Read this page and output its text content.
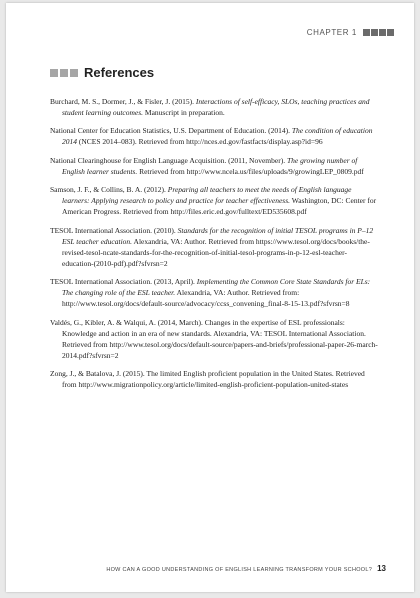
CHAPTER 1
References

Burchard, M. S., Dormer, J., & Fisler, J. (2015). Interactions of self-efficacy, SLOs, teaching practices and student learning outcomes. Manuscript in preparation.

National Center for Education Statistics, U.S. Department of Education. (2014). The condition of education 2014 (NCES 2014–083). Retrieved from http://nces.ed.gov/fastfacts/display.asp?id=96

National Clearinghouse for English Language Acquisition. (2011, November). The growing number of English learner students. Retrieved from http://www.ncela.us/files/uploads/9/growingLEP_0809.pdf

Samson, J. F., & Collins, B. A. (2012). Preparing all teachers to meet the needs of English language learners: Applying research to policy and practice for teacher effectiveness. Washington, DC: Center for American Progress. Retrieved from http://files.eric.ed.gov/fulltext/ED535608.pdf

TESOL International Association. (2010). Standards for the recognition of initial TESOL programs in P–12 ESL teacher education. Alexandria, VA: Author. Retrieved from https://www.tesol.org/docs/books/the-revised-tesol-ncate-standards-for-the-recognition-of-initial-tesol-programs-in-p-12-esl-teacher-education-(2010-pdf).pdf?sfvrsn=2

TESOL International Association. (2013, April). Implementing the Common Core State Standards for ELs: The changing role of the ESL teacher. Alexandria, VA: Author. Retrieved from: http://www.tesol.org/docs/default-source/advocacy/ccss_convening_final-8-15-13.pdf?sfvrsn=8

Valdés, G., Kibler, A. & Walqui, A. (2014, March). Changes in the expertise of ESL professionals: Knowledge and action in an era of new standards. Alexandria, VA: TESOL International Association. Retrieved from http://www.tesol.org/docs/default-source/papers-and-briefs/professional-paper-26-march-2014.pdf?sfvrsn=2

Zong, J., & Batalova, J. (2015). The limited English proficient population in the United States. Retrieved from http://www.migrationpolicy.org/article/limited-english-proficient-population-united-states

HOW CAN A GOOD UNDERSTANDING OF ENGLISH LEARNING TRANSFORM YOUR SCHOOL? 13
